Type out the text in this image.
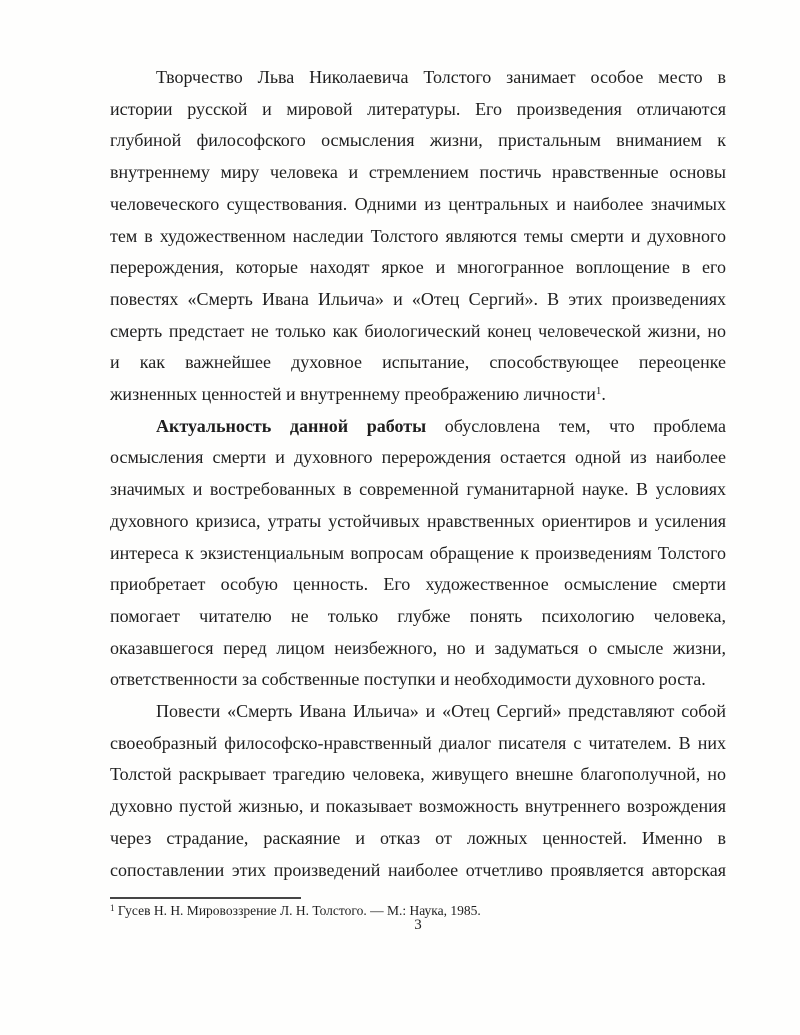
Творчество Льва Николаевича Толстого занимает особое место в
истории русской и мировой литературы. Его произведения отличаются
глубиной философского осмысления жизни, пристальным вниманием к
внутреннему миру человека и стремлением постичь нравственные основы
человеческого существования. Одними из центральных и наиболее значимых
тем в художественном наследии Толстого являются темы смерти и духовного
перерождения, которые находят яркое и многогранное воплощение в его
повестях «Смерть Ивана Ильича» и «Отец Сергий». В этих произведениях
смерть предстает не только как биологический конец человеческой жизни, но
и как важнейшее духовное испытание, способствующее переоценке
жизненных ценностей и внутреннему преображению личности$^1$.
Актуальность данной работы обусловлена тем, что проблема
осмысления смерти и духовного перерождения остается одной из наиболее
значимых и востребованных в современной гуманитарной науке. В условиях
духовного кризиса, утраты устойчивых нравственных ориентиров и усиления
интереса к экзистенциальным вопросам обращение к произведениям Толстого
приобретает особую ценность. Его художественное осмысление смерти
помогает читателю не только глубже понять психологию человека,
оказавшегося перед лицом неизбежного, но и задуматься о смысле жизни,
ответственности за собственные поступки и необходимости духовного роста.
Повести «Смерть Ивана Ильича» и «Отец Сергий» представляют собой
своеобразный философско-нравственный диалог писателя с читателем. В них
Толстой раскрывает трагедию человека, живущего внешне благополучной, но
духовно пустой жизнью, и показывает возможность внутреннего возрождения
через страдание, раскаяние и отказ от ложных ценностей. Именно в
сопоставлении этих произведений наиболее отчетливо проявляется авторская
$^1$ Гусев Н. Н. Мировоззрение Л. Н. Толстого. — М.: Наука, 1985.
3
